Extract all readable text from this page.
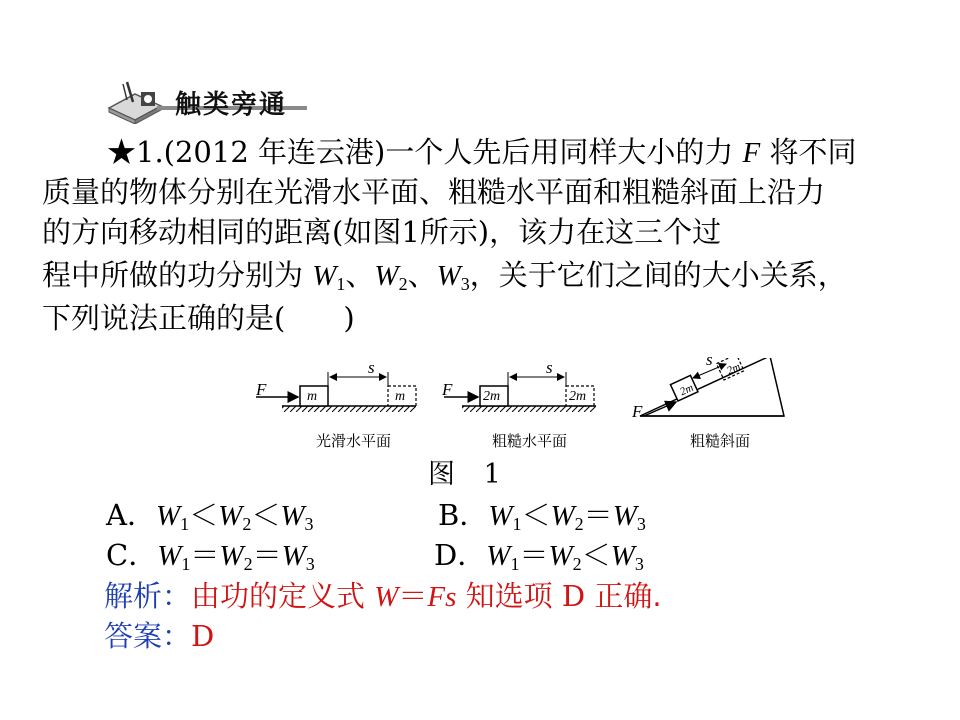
触类旁通
★1.(2012 年连云港)一个人先后用同样大小的力 F 将不同
质量的物体分别在光滑水平面、粗糙水平面和粗糙斜面上沿力
的方向移动相同的距离(如图1所示)，该力在这三个过
程中所做的功分别为 $W_1$、$W_2$、$W_3$，关于它们之间的大小关系，
下列说法正确的是(　　)
F	m	m
s
光滑水平面
F 2m	2m
s
粗糙水平面
F
2m
2m
s
粗糙斜面
图 1
A．$W_1<W_2<W_3$	B．$W_1<W_2=W_3$
C．$W_1=W_2=W_3$	D．$W_1=W_2<W_3$
解析：由功的定义式 W＝Fs 知选项 D 正确.
答案：D
